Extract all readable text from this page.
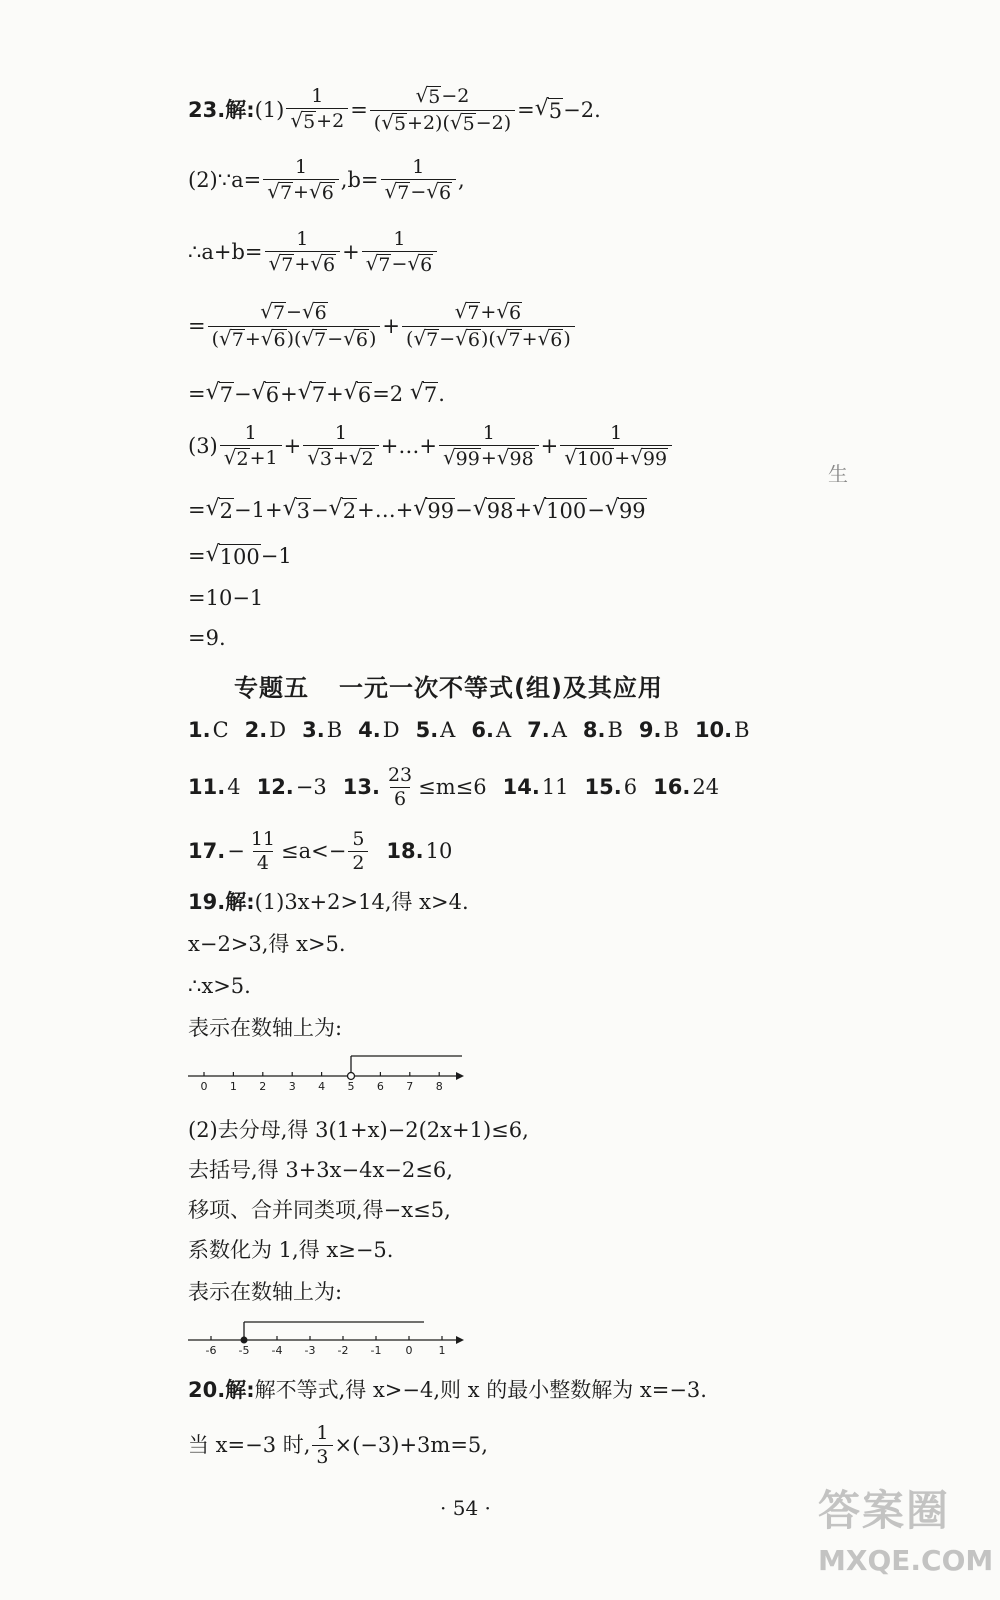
23. 解: $(1) \frac{1}{√ 5 +2} = \frac{√ 5 -2}{( √ 5 +2)( √ 5 -2)}$ = √ 5 −2.
(2)∵a= $\frac{1}{√ 7 + √ 6} ,b= \frac{1}{√ 7 - √ 6}$ ,
∴a+b= $\frac{1}{√ 7 + √ 6} + \frac{1}{√ 7 - √ 6}$
= $\frac{√ 7 - √ 6}{( √ 7 + √ 6 )( √ 7 - √ 6 )} + \frac{√ 7 + √ 6}{( √ 7 - √ 6 )( √ 7 + √ 6 )}$
= √ 7 − √ 6 + √ 7 + √ 6 =2
√ 7 .
$(3) \frac{1}{√ 2 +1} + \frac{1}{√ 3 + √ 2}$ +…+ $\frac{1}{√ 99 + √ 98} + \frac{1}{√ 100 + √ 99}$
= √ 2 −1+ √ 3 − √ 2 +…+ √ 99 − √ 98 + √ 100 − √ 99
= √ 100 −1
=10−1
=9.
生
专题五 一元一次不等式(组)及其应用
1.C 2.D 3.B 4.D 5.A 6.A 7.A 8.B 9.B 10.B
11.4 12.−3 13. $\frac{23}{6} \le m\le 6$ 14.11 15.6 16.24
17. − $\frac{11}{4} \le a<- \frac{5}{2} 18.10$
19. 解: (1)3x+2>14,得 x>4.
x−2>3,得 x>5.
∴x>5.
表示在数轴上为:
0 1 2 3 4 5 6 7 8
(2)去分母,得 3(1+x)−2(2x+1)≤6,
去括号,得 3+3x−4x−2≤6,
移项、合并同类项,得−x≤5,
系数化为 1,得 x≥−5.
表示在数轴上为:
-6 -5 -4 -3 -2 -1 0 1
20. 解: 解不等式,得 x>−4,则 x 的最小整数解为 x=−3.
当 x=−3 时, $\frac{1}{3} \times(-3)+3m=5$,
· 54 ·	答案圈
MXQE.COM
